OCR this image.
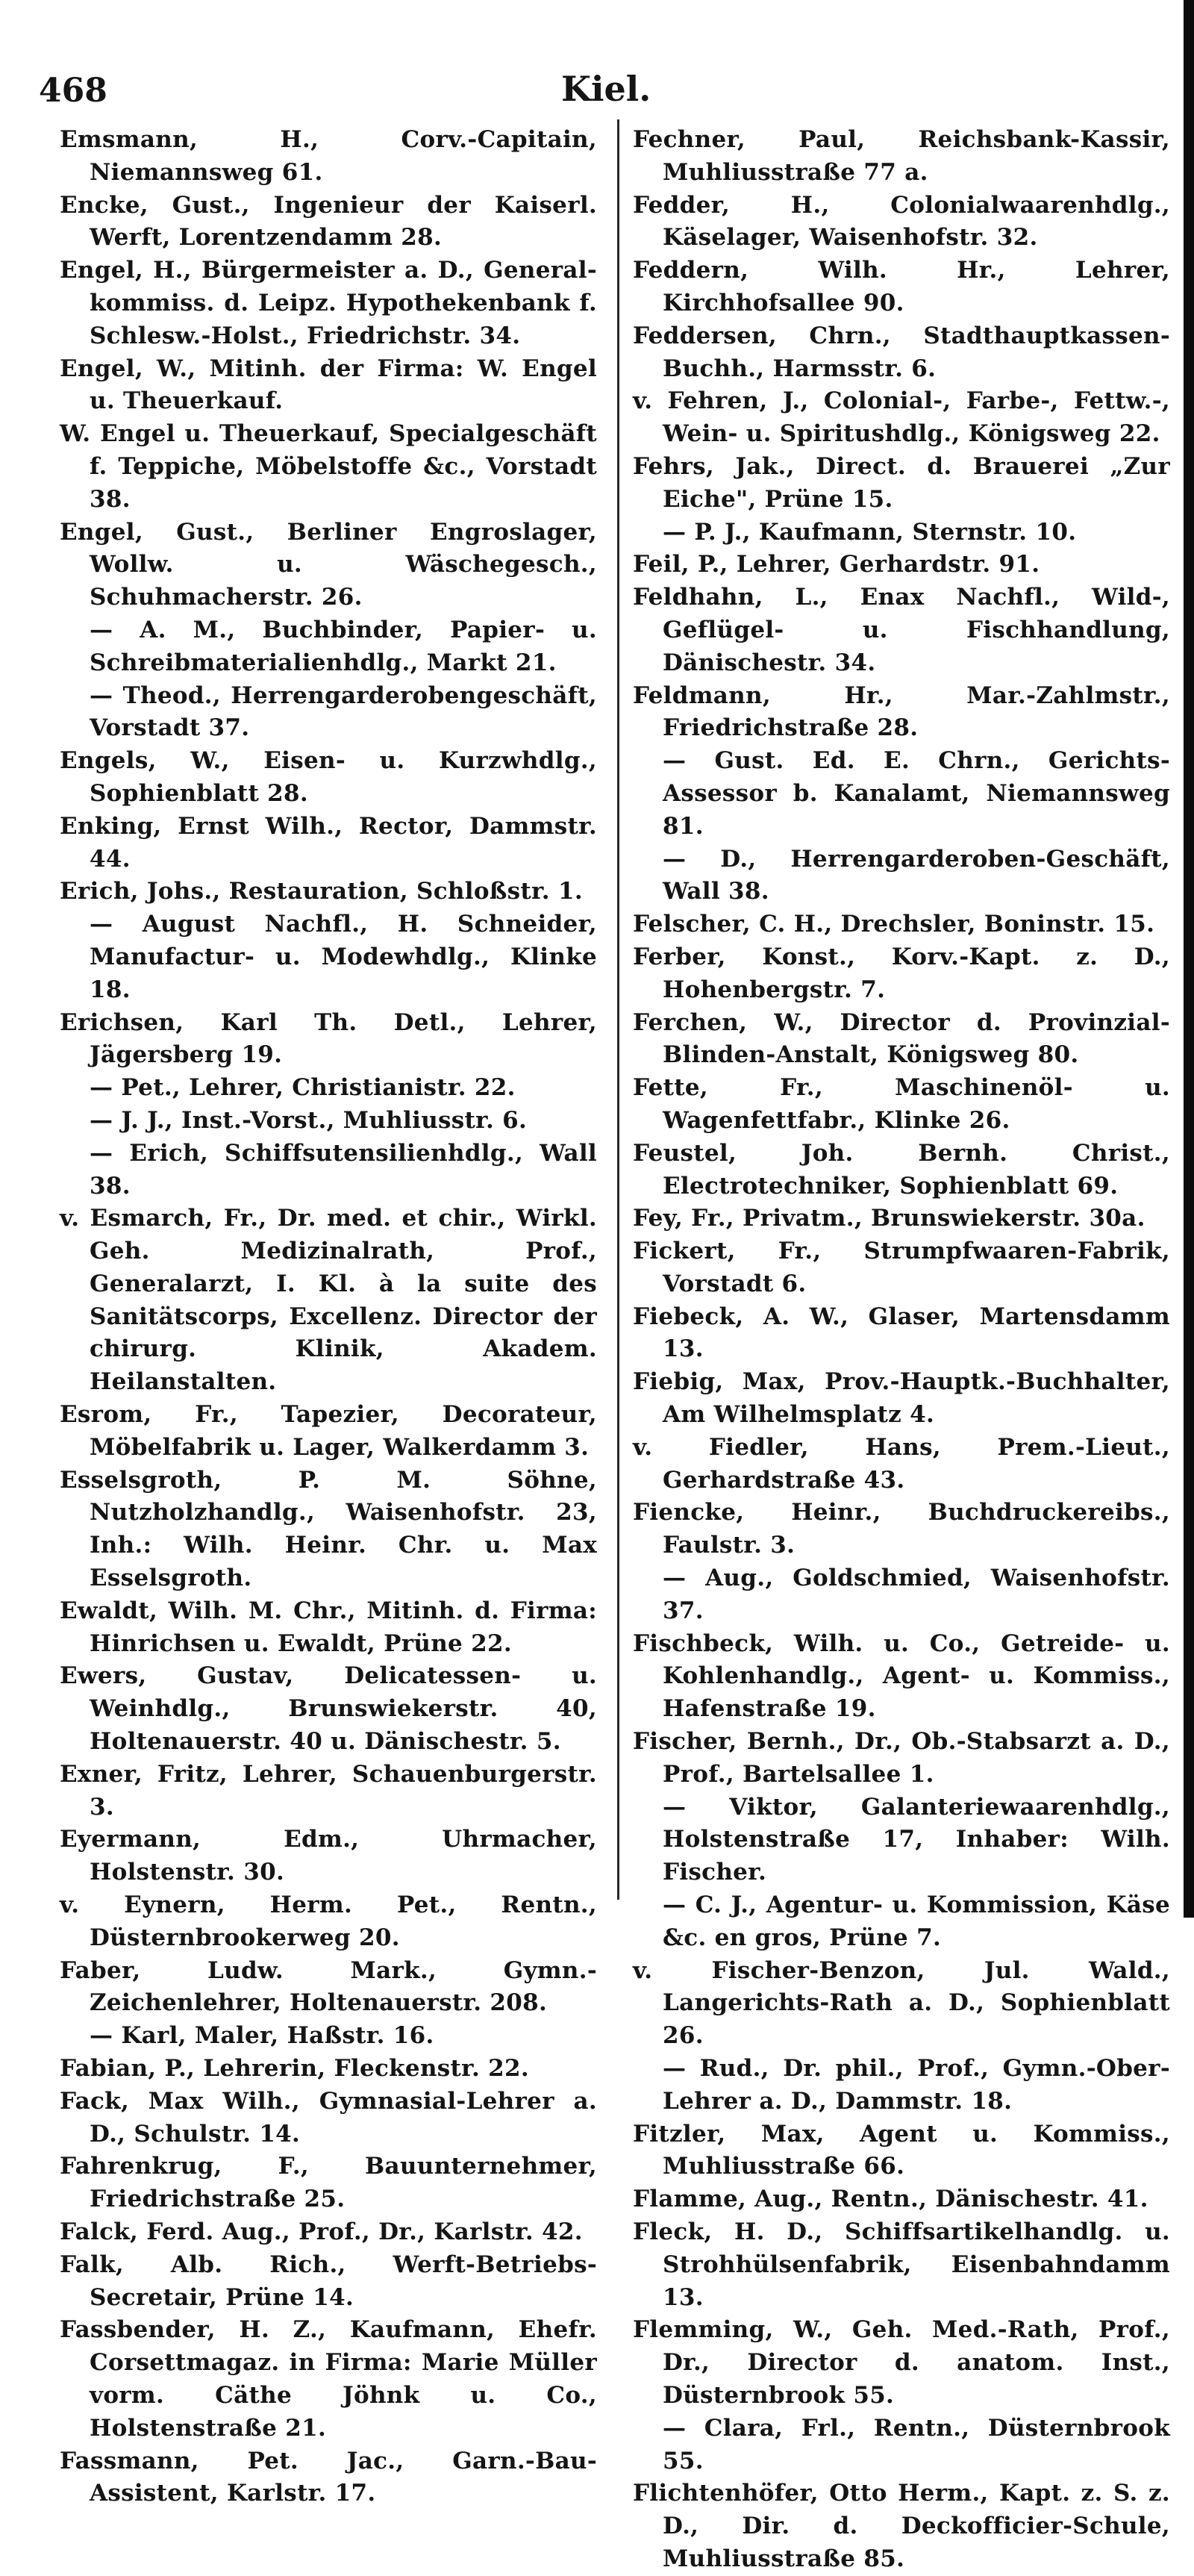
468	Kiel.
Emsmann, H., Corv.-Capitain, Niemannsweg 61.
Encke, Gust., Ingenieur der Kaiserl. Werft, Lorentzendamm 28.
Engel, H., Bürgermeister a. D., General-kommiss. d. Leipz. Hypothekenbank f. Schlesw.-Holst., Friedrichstr. 34.
Engel, W., Mitinh. der Firma: W. Engel u. Theuerkauf.
W. Engel u. Theuerkauf, Specialgeschäft f. Teppiche, Möbelstoffe &c., Vorstadt 38.
Engel, Gust., Berliner Engroslager, Wollw. u. Wäschegesch., Schuhmacherstr. 26.
— A. M., Buchbinder, Papier- u. Schreibmaterialienhdlg., Markt 21.
— Theod., Herrengarderobengeschäft, Vorstadt 37.
Engels, W., Eisen- u. Kurzwhdlg., Sophienblatt 28.
Enking, Ernst Wilh., Rector, Dammstr. 44.
Erich, Johs., Restauration, Schloßstr. 1.
— August Nachfl., H. Schneider, Manufactur- u. Modewhdlg., Klinke 18.
Erichsen, Karl Th. Detl., Lehrer, Jägersberg 19.
— Pet., Lehrer, Christianistr. 22.
— J. J., Inst.-Vorst., Muhliusstr. 6.
— Erich, Schiffsutensilienhdlg., Wall 38.
v. Esmarch, Fr., Dr. med. et chir., Wirkl. Geh. Medizinalrath, Prof., Generalarzt, I. Kl. à la suite des Sanitätscorps, Excellenz. Director der chirurg. Klinik, Akadem. Heilanstalten.
Esrom, Fr., Tapezier, Decorateur, Möbelfabrik u. Lager, Walkerdamm 3.
Esselsgroth, P. M. Söhne, Nutzholzhandlg., Waisenhofstr. 23, Inh.: Wilh. Heinr. Chr. u. Max Esselsgroth.
Ewaldt, Wilh. M. Chr., Mitinh. d. Firma: Hinrichsen u. Ewaldt, Prüne 22.
Ewers, Gustav, Delicatessen- u. Weinhdlg., Brunswiekerstr. 40, Holtenauerstr. 40 u. Dänischestr. 5.
Exner, Fritz, Lehrer, Schauenburgerstr. 3.
Eyermann, Edm., Uhrmacher, Holstenstr. 30.
v. Eynern, Herm. Pet., Rentn., Düsternbrookerweg 20.
Faber, Ludw. Mark., Gymn.-Zeichenlehrer, Holtenauerstr. 208.
— Karl, Maler, Haßstr. 16.
Fabian, P., Lehrerin, Fleckenstr. 22.
Fack, Max Wilh., Gymnasial-Lehrer a. D., Schulstr. 14.
Fahrenkrug, F., Bauunternehmer, Friedrichstraße 25.
Falck, Ferd. Aug., Prof., Dr., Karlstr. 42.
Falk, Alb. Rich., Werft-Betriebs-Secretair, Prüne 14.
Fassbender, H. Z., Kaufmann, Ehefr. Corsettmagaz. in Firma: Marie Müller vorm. Cäthe Jöhnk u. Co., Holstenstraße 21.
Fassmann, Pet. Jac., Garn.-Bau-Assistent, Karlstr. 17.
Fechner, Paul, Reichsbank-Kassir, Muhliusstraße 77 a.
Fedder, H., Colonialwaarenhdlg., Käselager, Waisenhofstr. 32.
Feddern, Wilh. Hr., Lehrer, Kirchhofsallee 90.
Feddersen, Chrn., Stadthauptkassen-Buchh., Harmsstr. 6.
v. Fehren, J., Colonial-, Farbe-, Fettw.-, Wein- u. Spiritushdlg., Königsweg 22.
Fehrs, Jak., Direct. d. Brauerei „Zur Eiche", Prüne 15.
— P. J., Kaufmann, Sternstr. 10.
Feil, P., Lehrer, Gerhardstr. 91.
Feldhahn, L., Enax Nachfl., Wild-, Geflügel- u. Fischhandlung, Dänischestr. 34.
Feldmann, Hr., Mar.-Zahlmstr., Friedrichstraße 28.
— Gust. Ed. E. Chrn., Gerichts-Assessor b. Kanalamt, Niemannsweg 81.
— D., Herrengarderoben-Geschäft, Wall 38.
Felscher, C. H., Drechsler, Boninstr. 15.
Ferber, Konst., Korv.-Kapt. z. D., Hohenbergstr. 7.
Ferchen, W., Director d. Provinzial-Blinden-Anstalt, Königsweg 80.
Fette, Fr., Maschinenöl- u. Wagenfettfabr., Klinke 26.
Feustel, Joh. Bernh. Christ., Electrotechniker, Sophienblatt 69.
Fey, Fr., Privatm., Brunswiekerstr. 30a.
Fickert, Fr., Strumpfwaaren-Fabrik, Vorstadt 6.
Fiebeck, A. W., Glaser, Martensdamm 13.
Fiebig, Max, Prov.-Hauptk.-Buchhalter, Am Wilhelmsplatz 4.
v. Fiedler, Hans, Prem.-Lieut., Gerhardstraße 43.
Fiencke, Heinr., Buchdruckereibs., Faulstr. 3.
— Aug., Goldschmied, Waisenhofstr. 37.
Fischbeck, Wilh. u. Co., Getreide- u. Kohlenhandlg., Agent- u. Kommiss., Hafenstraße 19.
Fischer, Bernh., Dr., Ob.-Stabsarzt a. D., Prof., Bartelsallee 1.
— Viktor, Galanteriewaarenhdlg., Holstenstraße 17, Inhaber: Wilh. Fischer.
— C. J., Agentur- u. Kommission, Käse &c. en gros, Prüne 7.
v. Fischer-Benzon, Jul. Wald., Langerichts-Rath a. D., Sophienblatt 26.
— Rud., Dr. phil., Prof., Gymn.-Ober-Lehrer a. D., Dammstr. 18.
Fitzler, Max, Agent u. Kommiss., Muhliusstraße 66.
Flamme, Aug., Rentn., Dänischestr. 41.
Fleck, H. D., Schiffsartikelhandlg. u. Strohhülsenfabrik, Eisenbahndamm 13.
Flemming, W., Geh. Med.-Rath, Prof., Dr., Director d. anatom. Inst., Düsternbrook 55.
— Clara, Frl., Rentn., Düsternbrook 55.
Flichtenhöfer, Otto Herm., Kapt. z. S. z. D., Dir. d. Deckofficier-Schule, Muhliusstraße 85.
